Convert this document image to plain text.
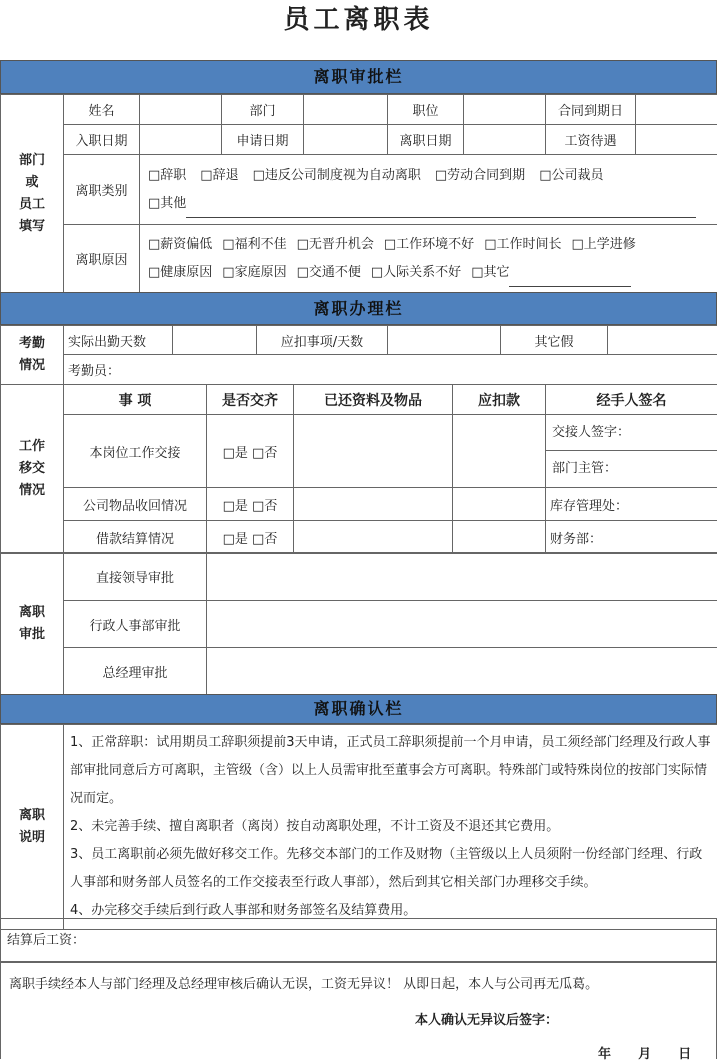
员工离职表
离职审批栏
部门
或
员工
填写	姓名		部门		职位		合同到期日	
	入职日期		申请日期		离职日期		工资待遇	
	离职类别	□辞职 □辞退 □违反公司制度视为自动离职 □劳动合同到期 □公司裁员
□其他						
	离职原因	□薪资偏低 □福利不佳 □无晋升机会 □工作环境不好 □工作时间长 □上学进修
□健康原因 □家庭原因 □交通不便 □人际关系不好 □其它						
离职办理栏
考勤
情况	实际出勤天数		应扣事项/天数		其它假	
考勤员：
工作
移交
情况	事 项	是否交齐	已还资料及物品	应扣款	经手人签名
	本岗位工作交接	□是 □否			交接人签字：
部门主管：

	公司物品收回情况	□是 □否			库存管理处：
	借款结算情况	□是 □否			财务部：
离职
审批	直接领导审批	
	行政人事部审批	
	总经理审批	
离职确认栏
离职
说明	

1、正常辞职：试用期员工辞职须提前3天申请，正式员工辞职须提前一个月申请，员工须经部门经理及行政人事部审批同意后方可离职，主管级（含）以上人员需审批至董事会方可离职。特殊部门或特殊岗位的按部门实际情况而定。

2、未完善手续、擅自离职者（离岗）按自动离职处理，不计工资及不退还其它费用。

3、员工离职前必须先做好移交工作。先移交本部门的工作及财物（主管级以上人员须附一份经部门经理、行政人事部和财务部人员签名的工作交接表至行政人事部），然后到其它相关部门办理移交手续。

4、办完移交手续后到行政人事部和财务部签名及结算费用。

结算后工资：
离职手续经本人与部门经理及总经理审核后确认无误，工资无异议！ 从即日起，本人与公司再无瓜葛。
本人确认无异议后签字：
年      月      日
